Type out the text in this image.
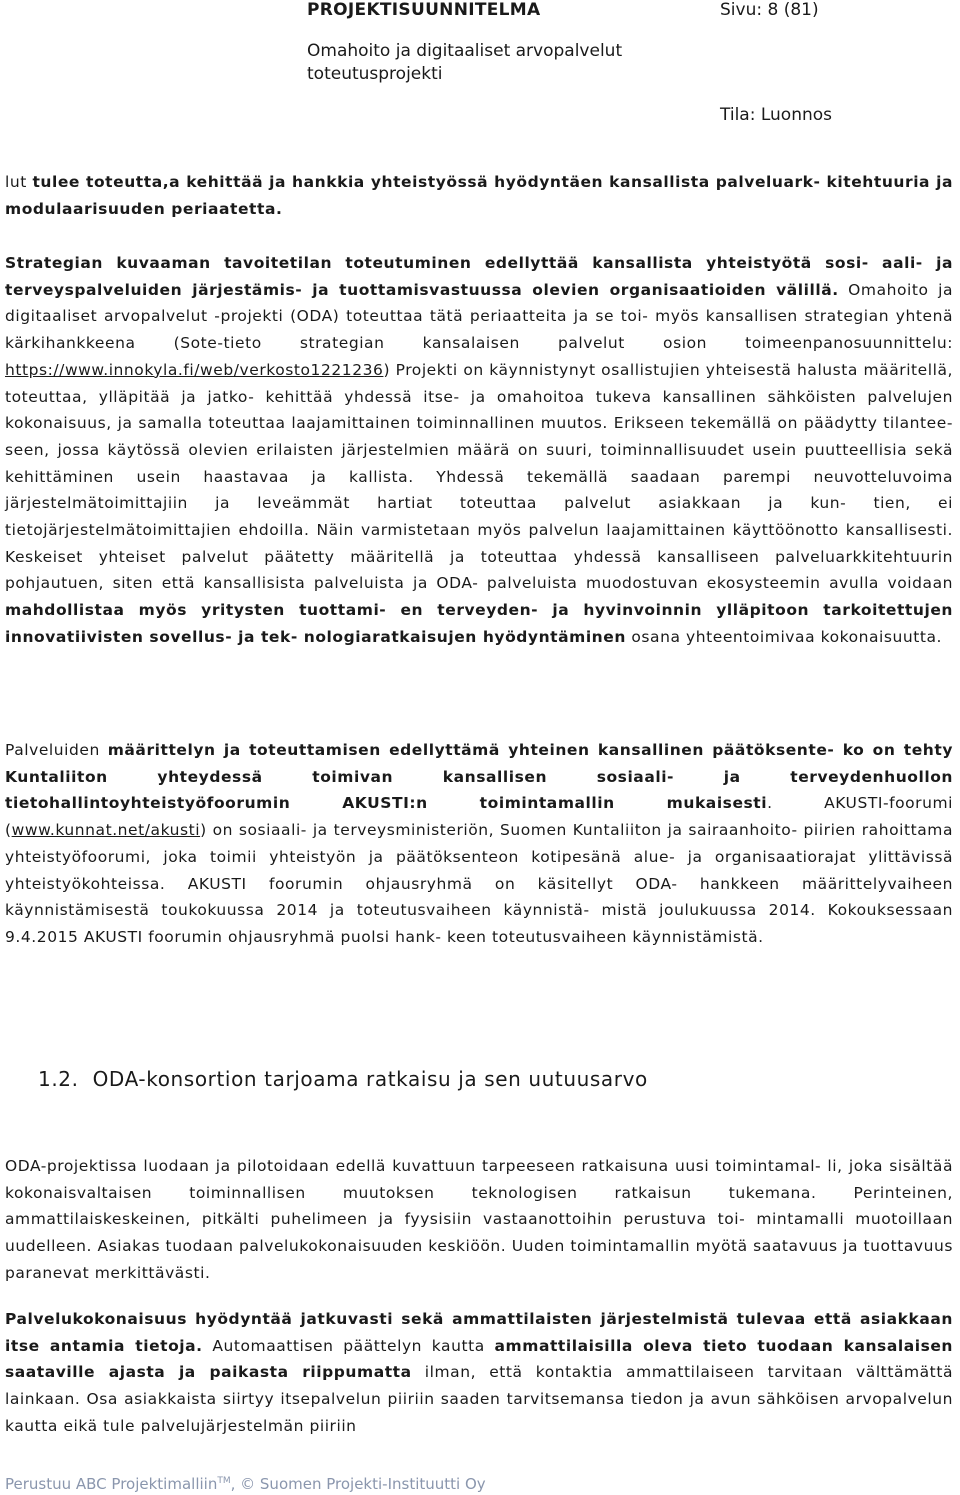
PROJEKTISUUNNITELMA	Sivu: 8 (81)
Omahoito ja digitaaliset arvopalvelut
toteutusprojekti
Tila: Luonnos

lut tulee toteutta,a kehittää ja hankkia yhteistyössä hyödyntäen kansallista palveluark- kitehtuuria ja modulaarisuuden periaatetta.

Strategian kuvaaman tavoitetilan toteutuminen edellyttää kansallista yhteistyötä sosi- aali- ja terveyspalveluiden järjestämis- ja tuottamisvastuussa olevien organisaatioiden välillä. Omahoito ja digitaaliset arvopalvelut -projekti (ODA) toteuttaa tätä periaatteita ja se toi- myös kansallisen strategian yhtenä kärkihankkeena (Sote-tieto strategian kansalaisen palvelut osion toimeenpanosuunnittelu: https://www.innokyla.fi/web/verkosto1221236) Projekti on käynnistynyt osallistujien yhteisestä halusta määritellä, toteuttaa, ylläpitää ja jatko- kehittää yhdessä itse- ja omahoitoa tukeva kansallinen sähköisten palvelujen kokonaisuus, ja samalla toteuttaa laajamittainen toiminnallinen muutos. Erikseen tekemällä on päädytty tilantee- seen, jossa käytössä olevien erilaisten järjestelmien määrä on suuri, toiminnallisuudet usein puutteellisia sekä kehittäminen usein haastavaa ja kallista. Yhdessä tekemällä saadaan parempi neuvotteluvoima järjestelmätoimittajiin ja leveämmät hartiat toteuttaa palvelut asiakkaan ja kun- tien, ei tietojärjestelmätoimittajien ehdoilla. Näin varmistetaan myös palvelun laajamittainen käyttöönotto kansallisesti. Keskeiset yhteiset palvelut päätetty määritellä ja toteuttaa yhdessä kansalliseen palveluarkkitehtuurin pohjautuen, siten että kansallisista palveluista ja ODA- palveluista muodostuvan ekosysteemin avulla voidaan mahdollistaa myös yritysten tuottami- en terveyden- ja hyvinvoinnin ylläpitoon tarkoitettujen innovatiivisten sovellus- ja tek- nologiaratkaisujen hyödyntäminen osana yhteentoimivaa kokonaisuutta.

Palveluiden määrittelyn ja toteuttamisen edellyttämä yhteinen kansallinen päätöksente- ko on tehty Kuntaliiton yhteydessä toimivan kansallisen sosiaali- ja terveydenhuollon tietohallintoyhteistyöfoorumin AKUSTI:n toimintamallin mukaisesti. AKUSTI-foorumi (www.kunnat.net/akusti) on sosiaali- ja terveysministeriön, Suomen Kuntaliiton ja sairaanhoito- piirien rahoittama yhteistyöfoorumi, joka toimii yhteistyön ja päätöksenteon kotipesänä alue- ja organisaatiorajat ylittävissä yhteistyökohteissa. AKUSTI foorumin ohjausryhmä on käsitellyt ODA- hankkeen määrittelyvaiheen käynnistämisestä toukokuussa 2014 ja toteutusvaiheen käynnistä- mistä joulukuussa 2014. Kokouksessaan 9.4.2015 AKUSTI foorumin ohjausryhmä puolsi hank- keen toteutusvaiheen käynnistämistä.

1.2. ODA-konsortion tarjoama ratkaisu ja sen uutuusarvo

ODA-projektissa luodaan ja pilotoidaan edellä kuvattuun tarpeeseen ratkaisuna uusi toimintamal- li, joka sisältää kokonaisvaltaisen toiminnallisen muutoksen teknologisen ratkaisun tukemana. Perinteinen, ammattilaiskeskeinen, pitkälti puhelimeen ja fyysisiin vastaanottoihin perustuva toi- mintamalli muotoillaan uudelleen. Asiakas tuodaan palvelukokonaisuuden keskiöön. Uuden toimintamallin myötä saatavuus ja tuottavuus paranevat merkittävästi.

Palvelukokonaisuus hyödyntää jatkuvasti sekä ammattilaisten järjestelmistä tulevaa että asiakkaan itse antamia tietoja. Automaattisen päättelyn kautta ammattilaisilla oleva tieto tuodaan kansalaisen saataville ajasta ja paikasta riippumatta ilman, että kontaktia ammattilaiseen tarvitaan välttämättä lainkaan. Osa asiakkaista siirtyy itsepalvelun piiriin saaden tarvitsemansa tiedon ja avun sähköisen arvopalvelun kautta eikä tule palvelujärjestelmän piiriin

Perustuu ABC Projektimalliin™, © Suomen Projekti-Instituutti Oy
